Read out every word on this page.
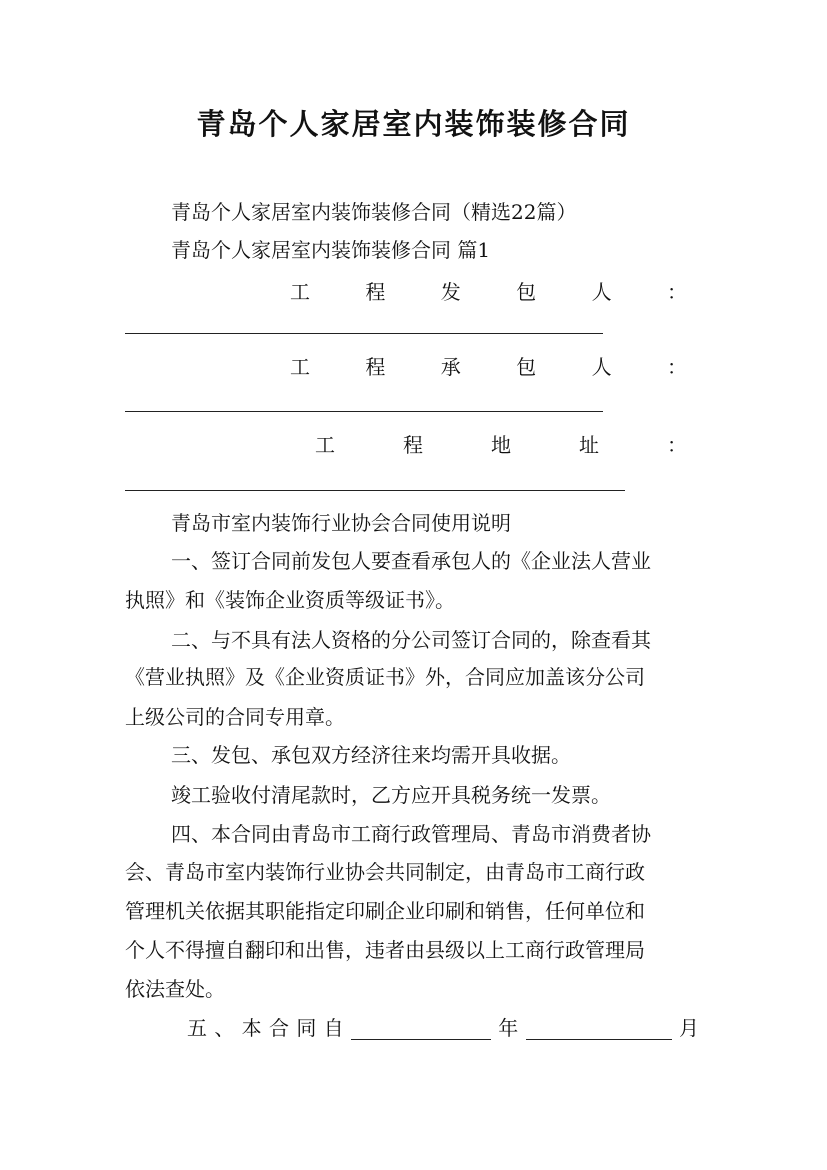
青岛个人家居室内装饰装修合同
青岛个人家居室内装饰装修合同（精选22篇）
青岛个人家居室内装饰装修合同 篇1
工	程	发	包	人	：
工	程	承	包	人	：
工	程	地	址	：
青岛市室内装饰行业协会合同使用说明
一、签订合同前发包人要查看承包人的《企业法人营业
执照》和《装饰企业资质等级证书》。
二、与不具有法人资格的分公司签订合同的，除查看其
《营业执照》及《企业资质证书》外，合同应加盖该分公司
上级公司的合同专用章。
三、发包、承包双方经济往来均需开具收据。
竣工验收付清尾款时，乙方应开具税务统一发票。
四、本合同由青岛市工商行政管理局、青岛市消费者协
会、青岛市室内装饰行业协会共同制定，由青岛市工商行政
管理机关依据其职能指定印刷企业印刷和销售，任何单位和
个人不得擅自翻印和出售，违者由县级以上工商行政管理局
依法查处。
五 、 本 合 同 自	年	月
